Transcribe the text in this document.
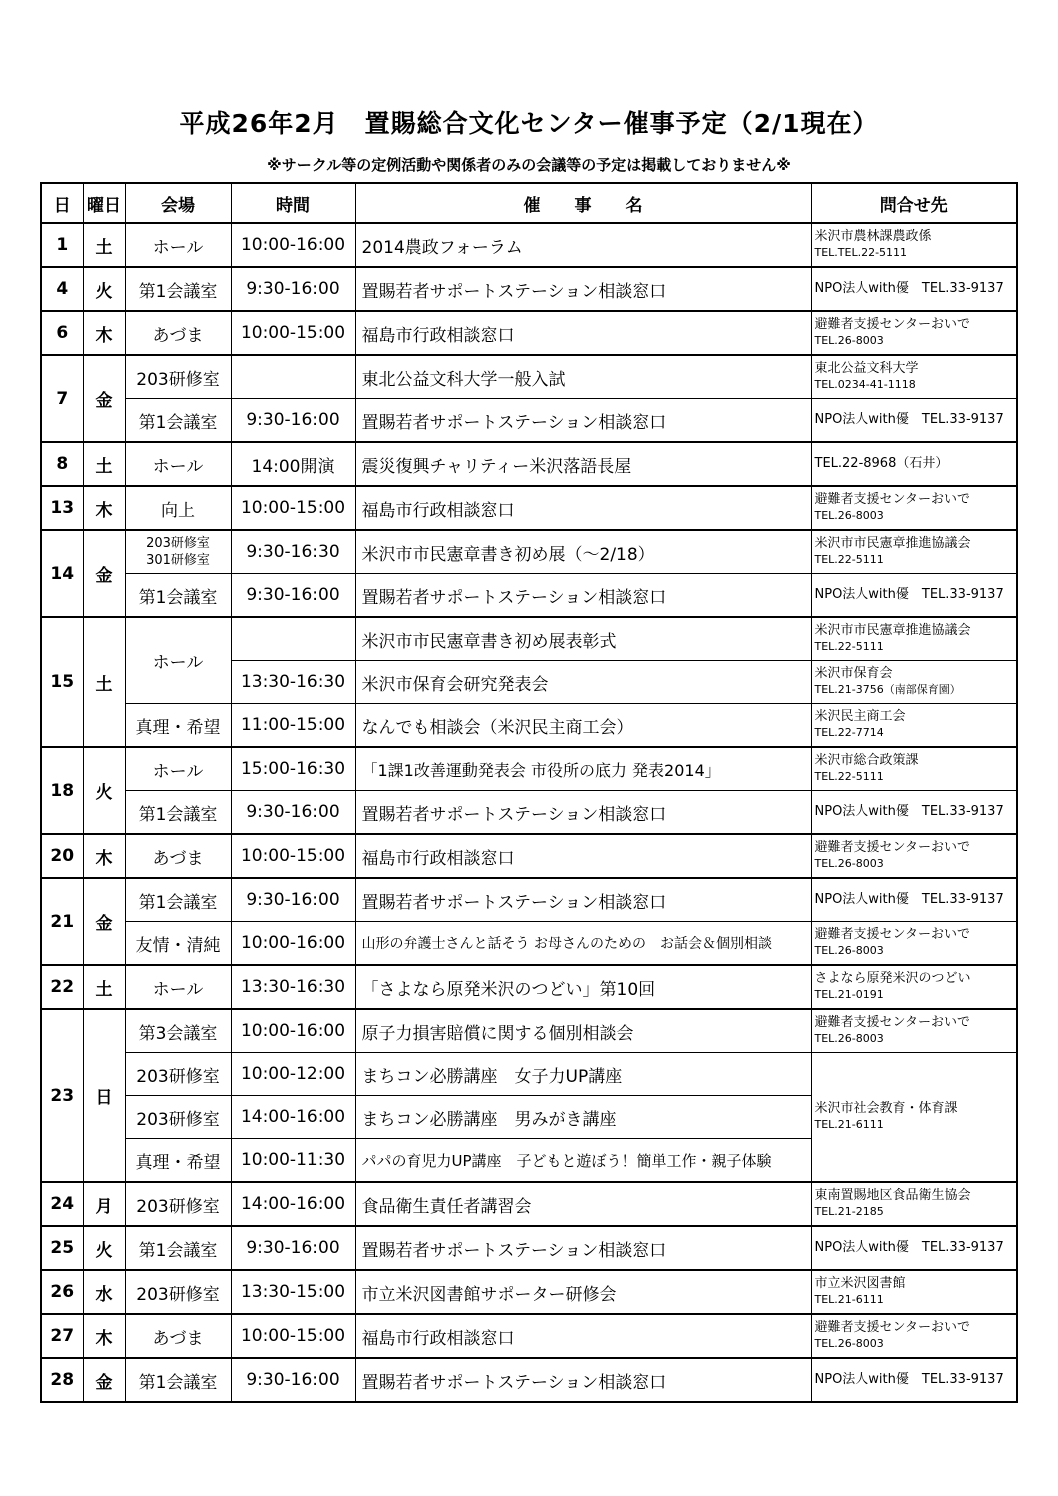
平成26年2月　置賜総合文化センター催事予定（2/1現在）
※サークル等の定例活動や関係者のみの会議等の予定は掲載しておりません※
日	曜日	会場	時間	催　　事　　名	問合せ先
1	土	ホール	10:00-16:00	2014農政フォーラム	米沢市農林課農政係
TEL.TEL.22-5111

4	火	第1会議室	9:30-16:00	置賜若者サポートステーション相談窓口	NPO法人with優　TEL.33-9137

6	木	あづま	10:00-15:00	福島市行政相談窓口	避難者支援センターおいで
TEL.26-8003

7	金	203研修室		東北公益文科大学一般入試	東北公益文科大学
TEL.0234-41-1118

		第1会議室	9:30-16:00	置賜若者サポートステーション相談窓口	NPO法人with優　TEL.33-9137

8	土	ホール	14:00開演	震災復興チャリティー米沢落語長屋	TEL.22-8968（石井）

13	木	向上	10:00-15:00	福島市行政相談窓口	避難者支援センターおいで
TEL.26-8003

14	金	203研修室
301研修室	9:30-16:30	米沢市市民憲章書き初め展（～2/18）	米沢市市民憲章推進協議会
TEL.22-5111

		第1会議室	9:30-16:00	置賜若者サポートステーション相談窓口	NPO法人with優　TEL.33-9137

15	土	ホール		米沢市市民憲章書き初め展表彰式	米沢市市民憲章推進協議会
TEL.22-5111

			13:30-16:30	米沢市保育会研究発表会	米沢市保育会
TEL.21-3756（南部保育園）

		真理・希望	11:00-15:00	なんでも相談会（米沢民主商工会）	米沢民主商工会
TEL.22-7714

18	火	ホール	15:00-16:30	「1課1改善運動発表会 市役所の底力 発表2014」	米沢市総合政策課
TEL.22-5111

		第1会議室	9:30-16:00	置賜若者サポートステーション相談窓口	NPO法人with優　TEL.33-9137

20	木	あづま	10:00-15:00	福島市行政相談窓口	避難者支援センターおいで
TEL.26-8003

21	金	第1会議室	9:30-16:00	置賜若者サポートステーション相談窓口	NPO法人with優　TEL.33-9137

		友情・清純	10:00-16:00	山形の弁護士さんと話そう お母さんのための　お話会＆個別相談	避難者支援センターおいで
TEL.26-8003

22	土	ホール	13:30-16:30	「さよなら原発米沢のつどい」第10回	さよなら原発米沢のつどい
TEL.21-0191

23	日	第3会議室	10:00-16:00	原子力損害賠償に関する個別相談会	避難者支援センターおいで
TEL.26-8003

		203研修室	10:00-12:00	まちコン必勝講座　女子力UP講座	米沢市社会教育・体育課
TEL.21-6111

		203研修室	14:00-16:00	まちコン必勝講座　男みがき講座	
		真理・希望	10:00-11:30	パパの育児力UP講座　子どもと遊ぼう！簡単工作・親子体験	
24	月	203研修室	14:00-16:00	食品衛生責任者講習会	東南置賜地区食品衛生協会
TEL.21-2185

25	火	第1会議室	9:30-16:00	置賜若者サポートステーション相談窓口	NPO法人with優　TEL.33-9137

26	水	203研修室	13:30-15:00	市立米沢図書館サポーター研修会	市立米沢図書館
TEL.21-6111

27	木	あづま	10:00-15:00	福島市行政相談窓口	避難者支援センターおいで
TEL.26-8003

28	金	第1会議室	9:30-16:00	置賜若者サポートステーション相談窓口	NPO法人with優　TEL.33-9137
